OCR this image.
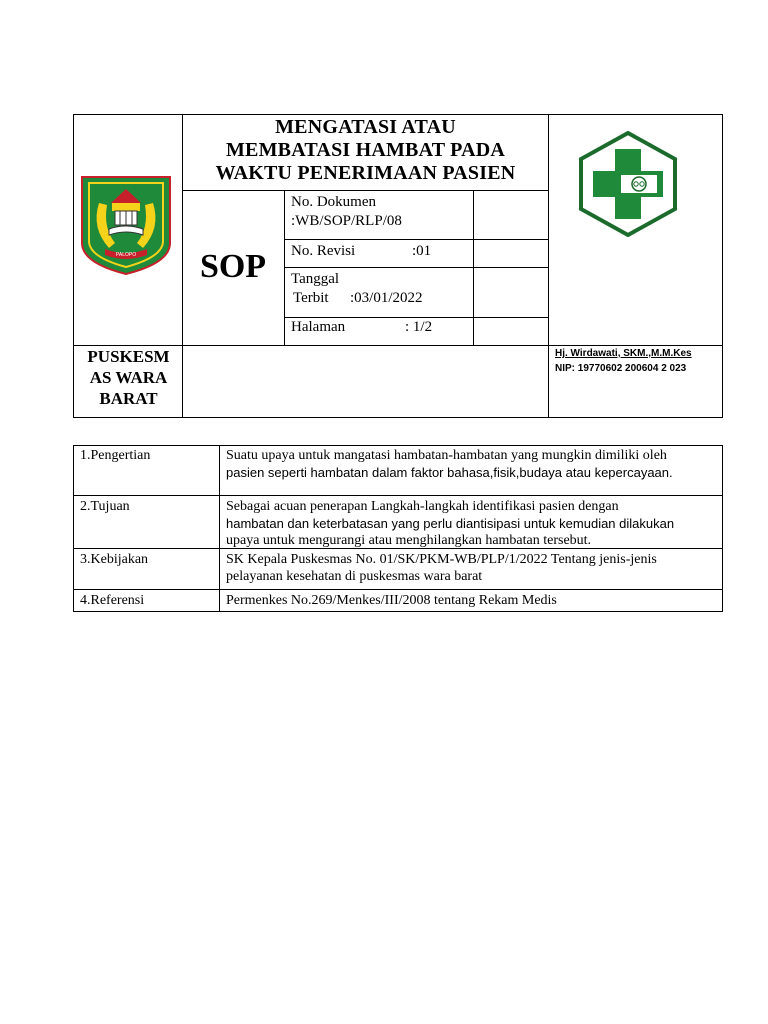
PALOPO
MENGATASI ATAU
MEMBATASI HAMBAT PADA
WAKTU PENERIMAAN PASIEN
SOP
No. Dokumen
:WB/SOP/RLP/08
No. Revisi	:01
Tanggal
Terbit :03/01/2022
Halaman	: 1/2
PUSKESM
AS WARA
BARAT
Hj. Wirdawati, SKM.,M.M.Kes
NIP: 19770602 200604 2 023
1.Pengertian	Suatu upaya untuk mangatasi hambatan-hambatan yang mungkin dimiliki oleh
pasien seperti hambatan dalam faktor bahasa,fisik,budaya atau kepercayaan.
2.Tujuan	Sebagai acuan penerapan Langkah-langkah identifikasi pasien dengan
hambatan dan keterbatasan yang perlu diantisipasi untuk kemudian dilakukan
upaya untuk mengurangi atau menghilangkan hambatan tersebut.
3.Kebijakan	SK Kepala Puskesmas No. 01/SK/PKM-WB/PLP/1/2022 Tentang jenis-jenis
pelayanan kesehatan di puskesmas wara barat
4.Referensi	Permenkes No.269/Menkes/III/2008 tentang Rekam Medis
